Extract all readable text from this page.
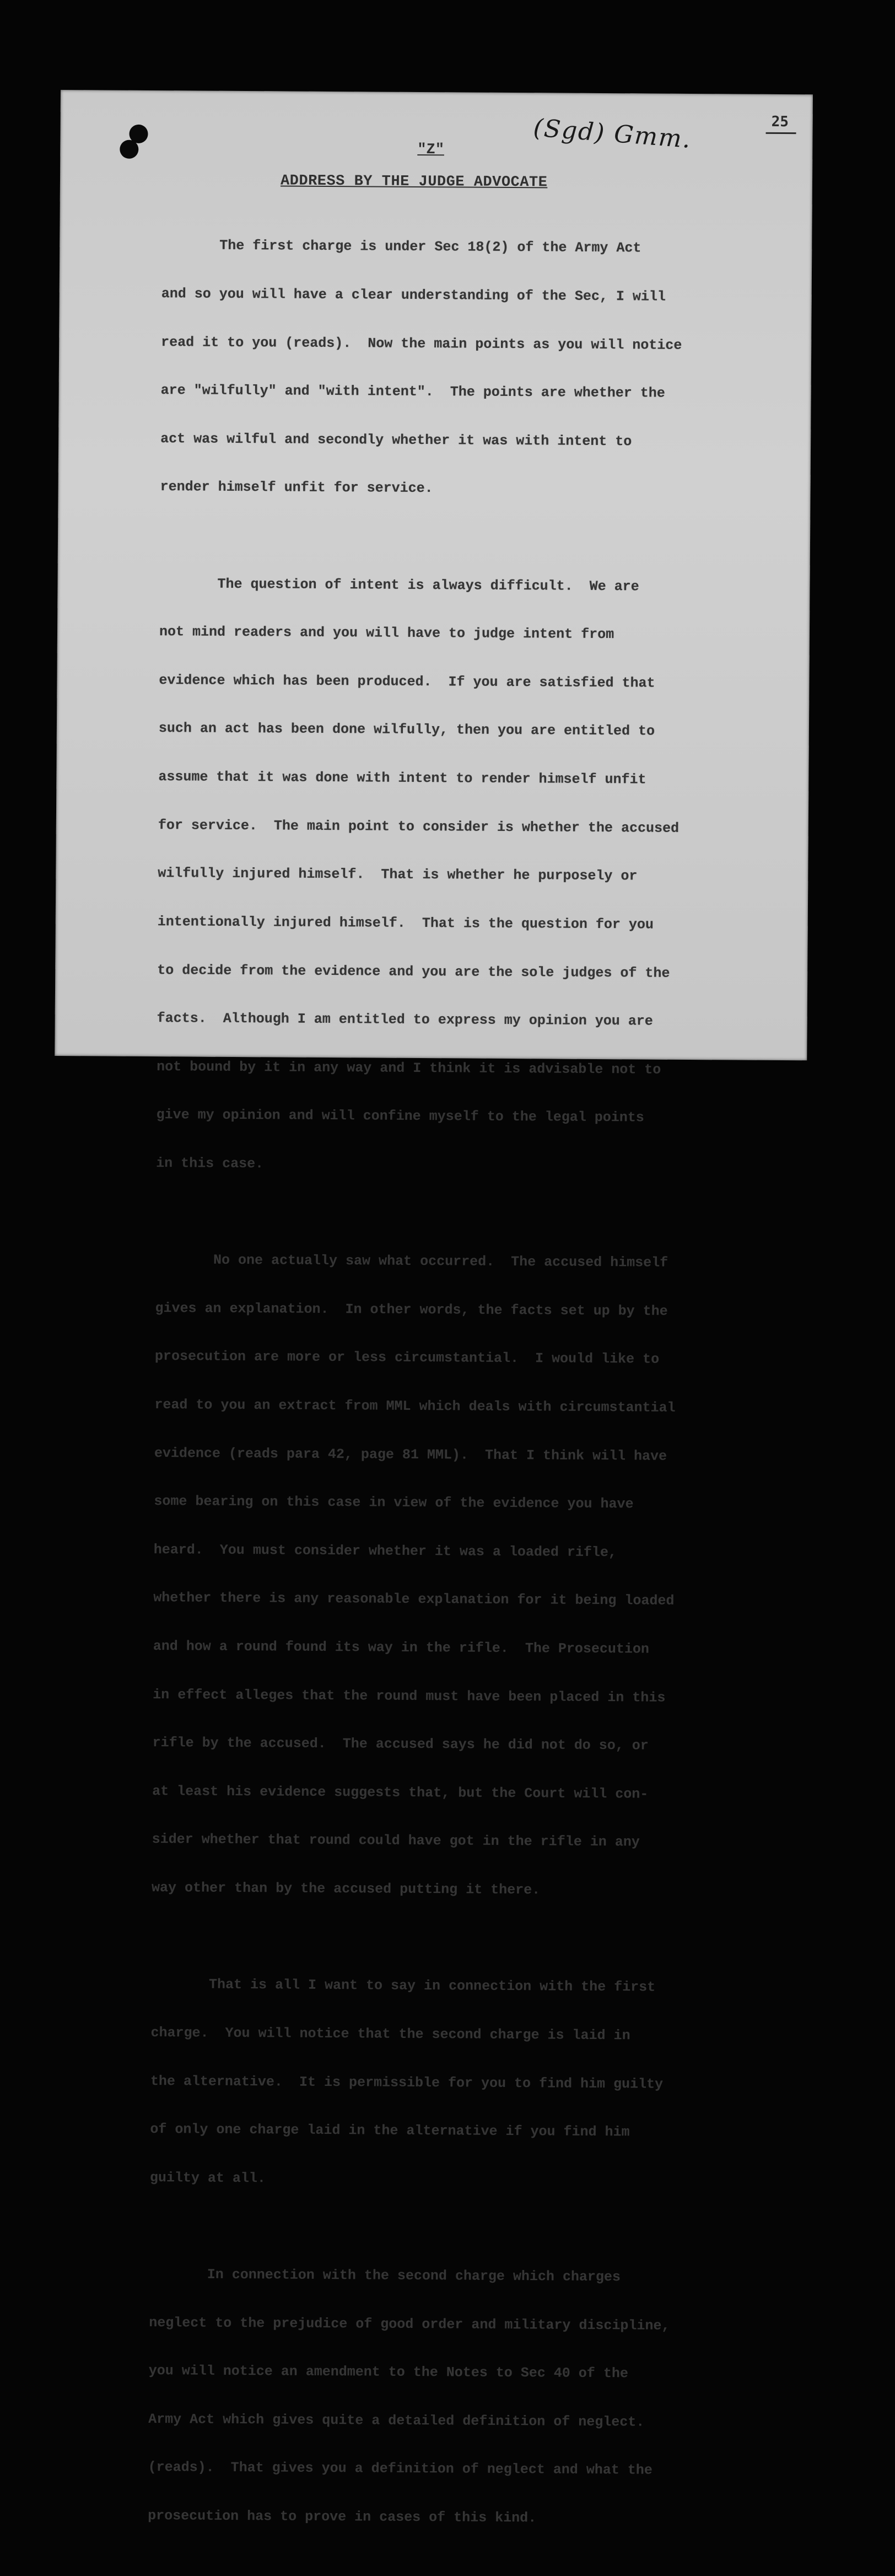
25
(Sgd) Gmm.
"Z"
ADDRESS BY THE JUDGE ADVOCATE

The first charge is under Sec 18(2) of the Army Act

and so you will have a clear understanding of the Sec, I will

read it to you (reads).  Now the main points as you will notice

are "wilfully" and "with intent".  The points are whether the

act was wilful and secondly whether it was with intent to

render himself unfit for service.

The question of intent is always difficult.  We are

not mind readers and you will have to judge intent from

evidence which has been produced.  If you are satisfied that

such an act has been done wilfully, then you are entitled to

assume that it was done with intent to render himself unfit

for service.  The main point to consider is whether the accused

wilfully injured himself.  That is whether he purposely or

intentionally injured himself.  That is the question for you

to decide from the evidence and you are the sole judges of the

facts.  Although I am entitled to express my opinion you are

not bound by it in any way and I think it is advisable not to

give my opinion and will confine myself to the legal points

in this case.

No one actually saw what occurred.  The accused himself

gives an explanation.  In other words, the facts set up by the

prosecution are more or less circumstantial.  I would like to

read to you an extract from MML which deals with circumstantial

evidence (reads para 42, page 81 MML).  That I think will have

some bearing on this case in view of the evidence you have

heard.  You must consider whether it was a loaded rifle,

whether there is any reasonable explanation for it being loaded

and how a round found its way in the rifle.  The Prosecution

in effect alleges that the round must have been placed in this

rifle by the accused.  The accused says he did not do so, or

at least his evidence suggests that, but the Court will con-

sider whether that round could have got in the rifle in any

way other than by the accused putting it there.

That is all I want to say in connection with the first

charge.  You will notice that the second charge is laid in

the alternative.  It is permissible for you to find him guilty

of only one charge laid in the alternative if you find him

guilty at all.

In connection with the second charge which charges

neglect to the prejudice of good order and military discipline,

you will notice an amendment to the Notes to Sec 40 of the

Army Act which gives quite a detailed definition of neglect.

(reads).  That gives you a definition of neglect and what the

prosecution has to prove in cases of this kind.
